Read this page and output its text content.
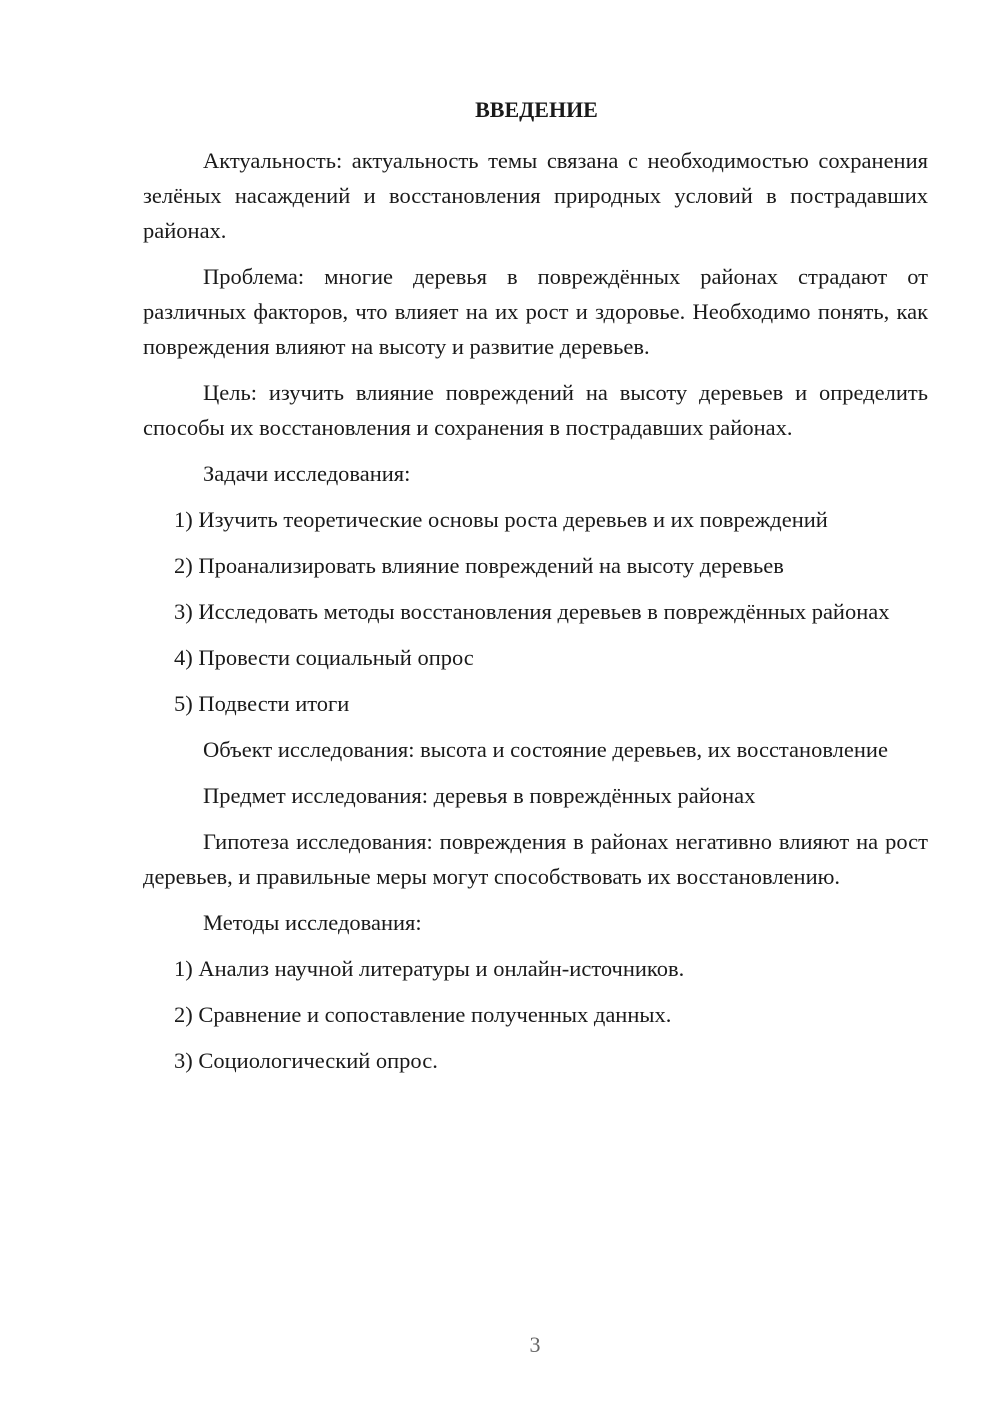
ВВЕДЕНИЕ
Актуальность: актуальность темы связана с необходимостью сохранения зелёных насаждений и восстановления природных условий в пострадавших районах.
Проблема: многие деревья в повреждённых районах страдают от различных факторов, что влияет на их рост и здоровье. Необходимо понять, как повреждения влияют на высоту и развитие деревьев.
Цель: изучить влияние повреждений на высоту деревьев и определить способы их восстановления и сохранения в пострадавших районах.
Задачи исследования:
1) Изучить теоретические основы роста деревьев и их повреждений
2) Проанализировать влияние повреждений на высоту деревьев
3) Исследовать методы восстановления деревьев в повреждённых районах
4) Провести социальный опрос
5) Подвести итоги
Объект исследования: высота и состояние деревьев, их восстановление
Предмет исследования: деревья в повреждённых районах
Гипотеза исследования: повреждения в районах негативно влияют на рост деревьев, и правильные меры могут способствовать их восстановлению.
Методы исследования:
1) Анализ научной литературы и онлайн-источников.
2) Сравнение и сопоставление полученных данных.
3) Социологический опрос.
3
